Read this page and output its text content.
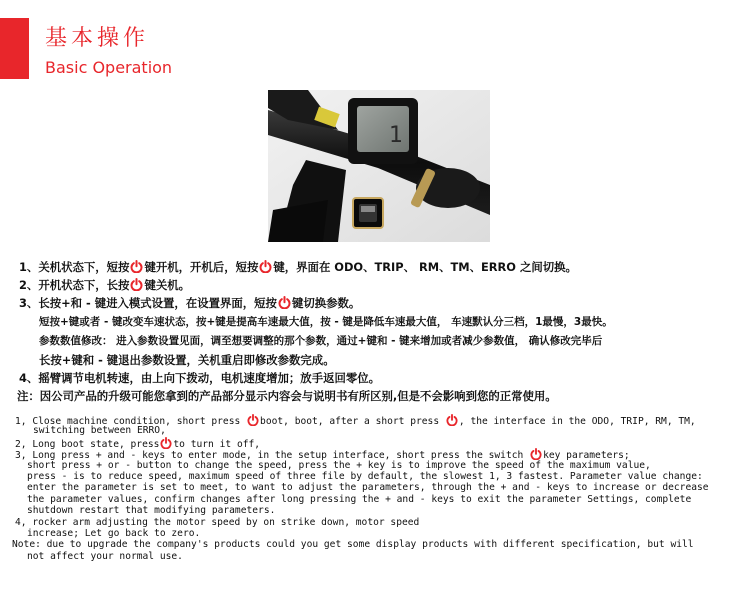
基本操作
Basic Operation
1
1、关机状态下，短按 键开机，开机后，短按 键，界面在 ODO、TRIP、 RM、TM、ERRO 之间切换。
2、开机状态下，长按 键关机。
3、长按+和 - 键进入模式设置，在设置界面，短按 键切换参数。
短按+键或者 - 键改变车速状态，按+键是提高车速最大值，按 - 键是降低车速最大值， 车速默认分三档，1最慢，3最快。
参数数值修改： 进入参数设置见面，调至想要调整的那个参数，通过+键和 - 键来增加或者减少参数值， 确认修改完毕后
长按+键和 - 键退出参数设置，关机重启即修改参数完成。
4、摇臂调节电机转速，由上向下拨动，电机速度增加；放手返回零位。
注：因公司产品的升级可能您拿到的产品部分显示内容会与说明书有所区别,但是不会影响到您的正常使用。
1, Close machine condition, short press
boot, boot, after a short press
, the interface in the ODO, TRIP, RM, TM,
switching between ERRO,
2, Long boot state, press to turn it off,
3, Long press + and - keys to enter mode, in the setup interface, short press the switch
key parameters;
short press + or - button to change the speed, press the + key is to improve the speed of the maximum value,
press - is to reduce speed, maximum speed of three file by default, the slowest 1, 3 fastest. Parameter value change:
enter the parameter is set to meet, to want to adjust the parameters, through the + and - keys to increase or decrease
the parameter values, confirm changes after long pressing the + and - keys to exit the parameter Settings, complete
shutdown restart that modifying parameters.
4, rocker arm adjusting the motor speed by on strike down, motor speed
increase; Let go back to zero.
Note: due to upgrade the company's products could you get some display products with different specification, but will
not affect your normal use.
